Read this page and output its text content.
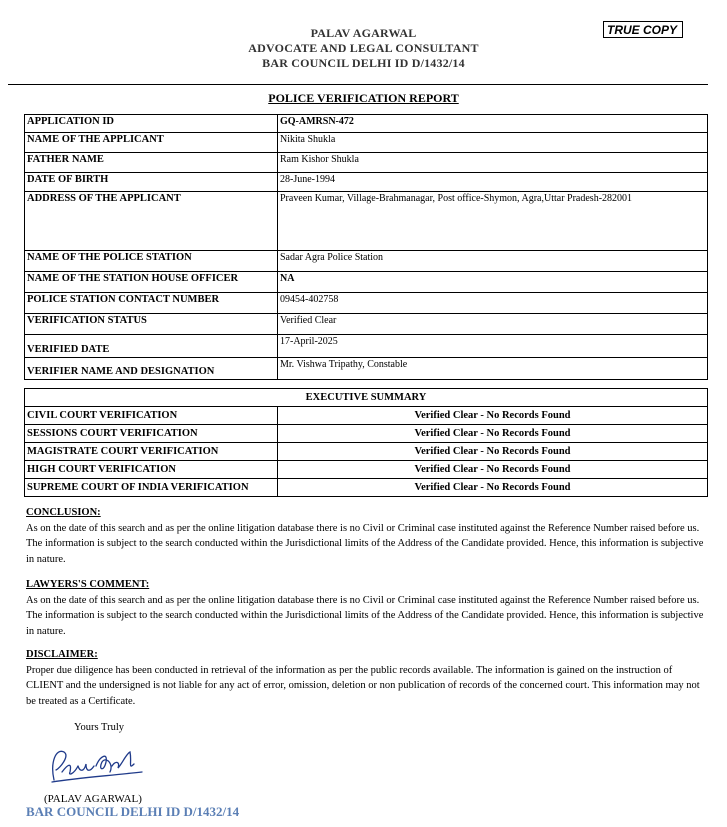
PALAV AGARWAL
ADVOCATE AND LEGAL CONSULTANT
BAR COUNCIL DELHI ID D/1432/14
TRUE COPY
POLICE VERIFICATION REPORT
APPLICATION ID	GQ-AMRSN-472
NAME OF THE APPLICANT	Nikita Shukla
FATHER NAME	Ram Kishor Shukla
DATE OF BIRTH	28-June-1994
ADDRESS OF THE APPLICANT	Praveen Kumar, Village-Brahmanagar, Post office-Shymon, Agra,Uttar Pradesh-282001
NAME OF THE POLICE STATION	Sadar Agra Police Station
NAME OF THE STATION HOUSE OFFICER	NA
POLICE STATION CONTACT NUMBER	09454-402758
VERIFICATION STATUS	Verified Clear
VERIFIED DATE	17-April-2025
VERIFIER NAME AND DESIGNATION	Mr. Vishwa Tripathy, Constable
EXECUTIVE SUMMARY	
CIVIL COURT VERIFICATION	Verified Clear - No Records Found
SESSIONS COURT VERIFICATION	Verified Clear - No Records Found
MAGISTRATE COURT VERIFICATION	Verified Clear - No Records Found
HIGH COURT VERIFICATION	Verified Clear - No Records Found
SUPREME COURT OF INDIA VERIFICATION	Verified Clear - No Records Found
CONCLUSION:
As on the date of this search and as per the online litigation database there is no Civil or Criminal case instituted against the Reference Number raised before us. The information is subject to the search conducted within the Jurisdictional limits of the Address of the Candidate provided. Hence, this information is subjective in nature.
LAWYERS'S COMMENT:
As on the date of this search and as per the online litigation database there is no Civil or Criminal case instituted against the Reference Number raised before us. The information is subject to the search conducted within the Jurisdictional limits of the Address of the Candidate provided. Hence, this information is subjective in nature.
DISCLAIMER:
Proper due diligence has been conducted in retrieval of the information as per the public records available. The information is gained on the instruction of CLIENT and the undersigned is not liable for any act of error, omission, deletion or non publication of records of the concerned court. This information may not be treated as a Certificate.
Yours Truly
(PALAV AGARWAL)
BAR COUNCIL DELHI ID D/1432/14
